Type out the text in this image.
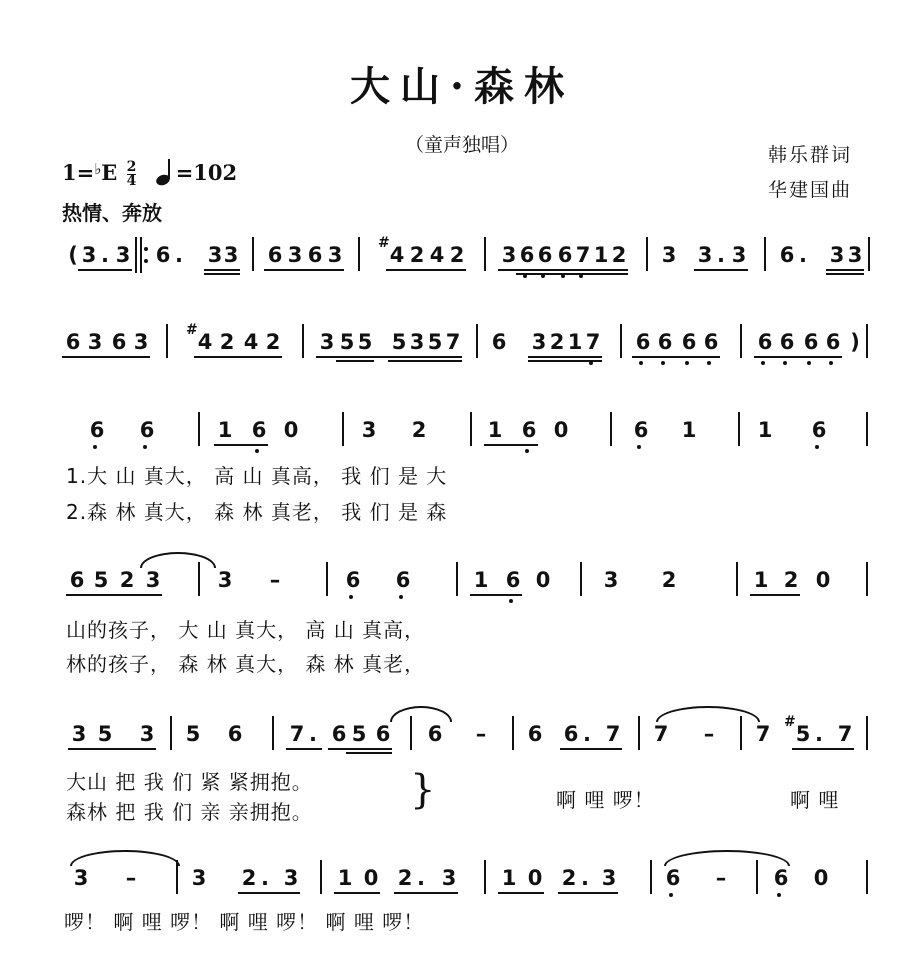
大山·森林
（童声独唱）	韩乐群词
华建国曲
$1=^♭E \frac{2}{4} =102$
热情、奔放
( 3 . 3 6 . 3 3 6 3 6 3	# 4 2 4 2 3 6 6 6 7 1 2 3 3 . 3 6 . 3 3
6 3 6 3	# 4 2 4 2 3 5 5 5 3 5 7 6 3 2 1 7 6 6 6 6 6 6 6 6 )
6 6	1 6 0	3 2	1 6 0	6 1	1 6
6 5 2 3	3 –	6 6	1 6 0	3 2	1 2 0
3 5 3 5 6 7 . 6 5 6 6 – 6 6 . 7 7 – 7 # 5 . 7
3 –	3 2 . 3 1 0 2 . 3 1 0 2 . 3 6 – 6 0
1.大 山 真大， 高 山 真高， 我 们 是 大
2.森 林 真大， 森 林 真老， 我 们 是 森
山的孩子， 大 山 真大， 高 山 真高，
林的孩子， 森 林 真大， 森 林 真老，
大山 把 我 们 紧 紧拥抱。
森林 把 我 们 亲 亲拥抱。 }	啊 哩 啰！	啊 哩
啰！ 啊 哩 啰！ 啊 哩 啰！ 啊 哩 啰！
